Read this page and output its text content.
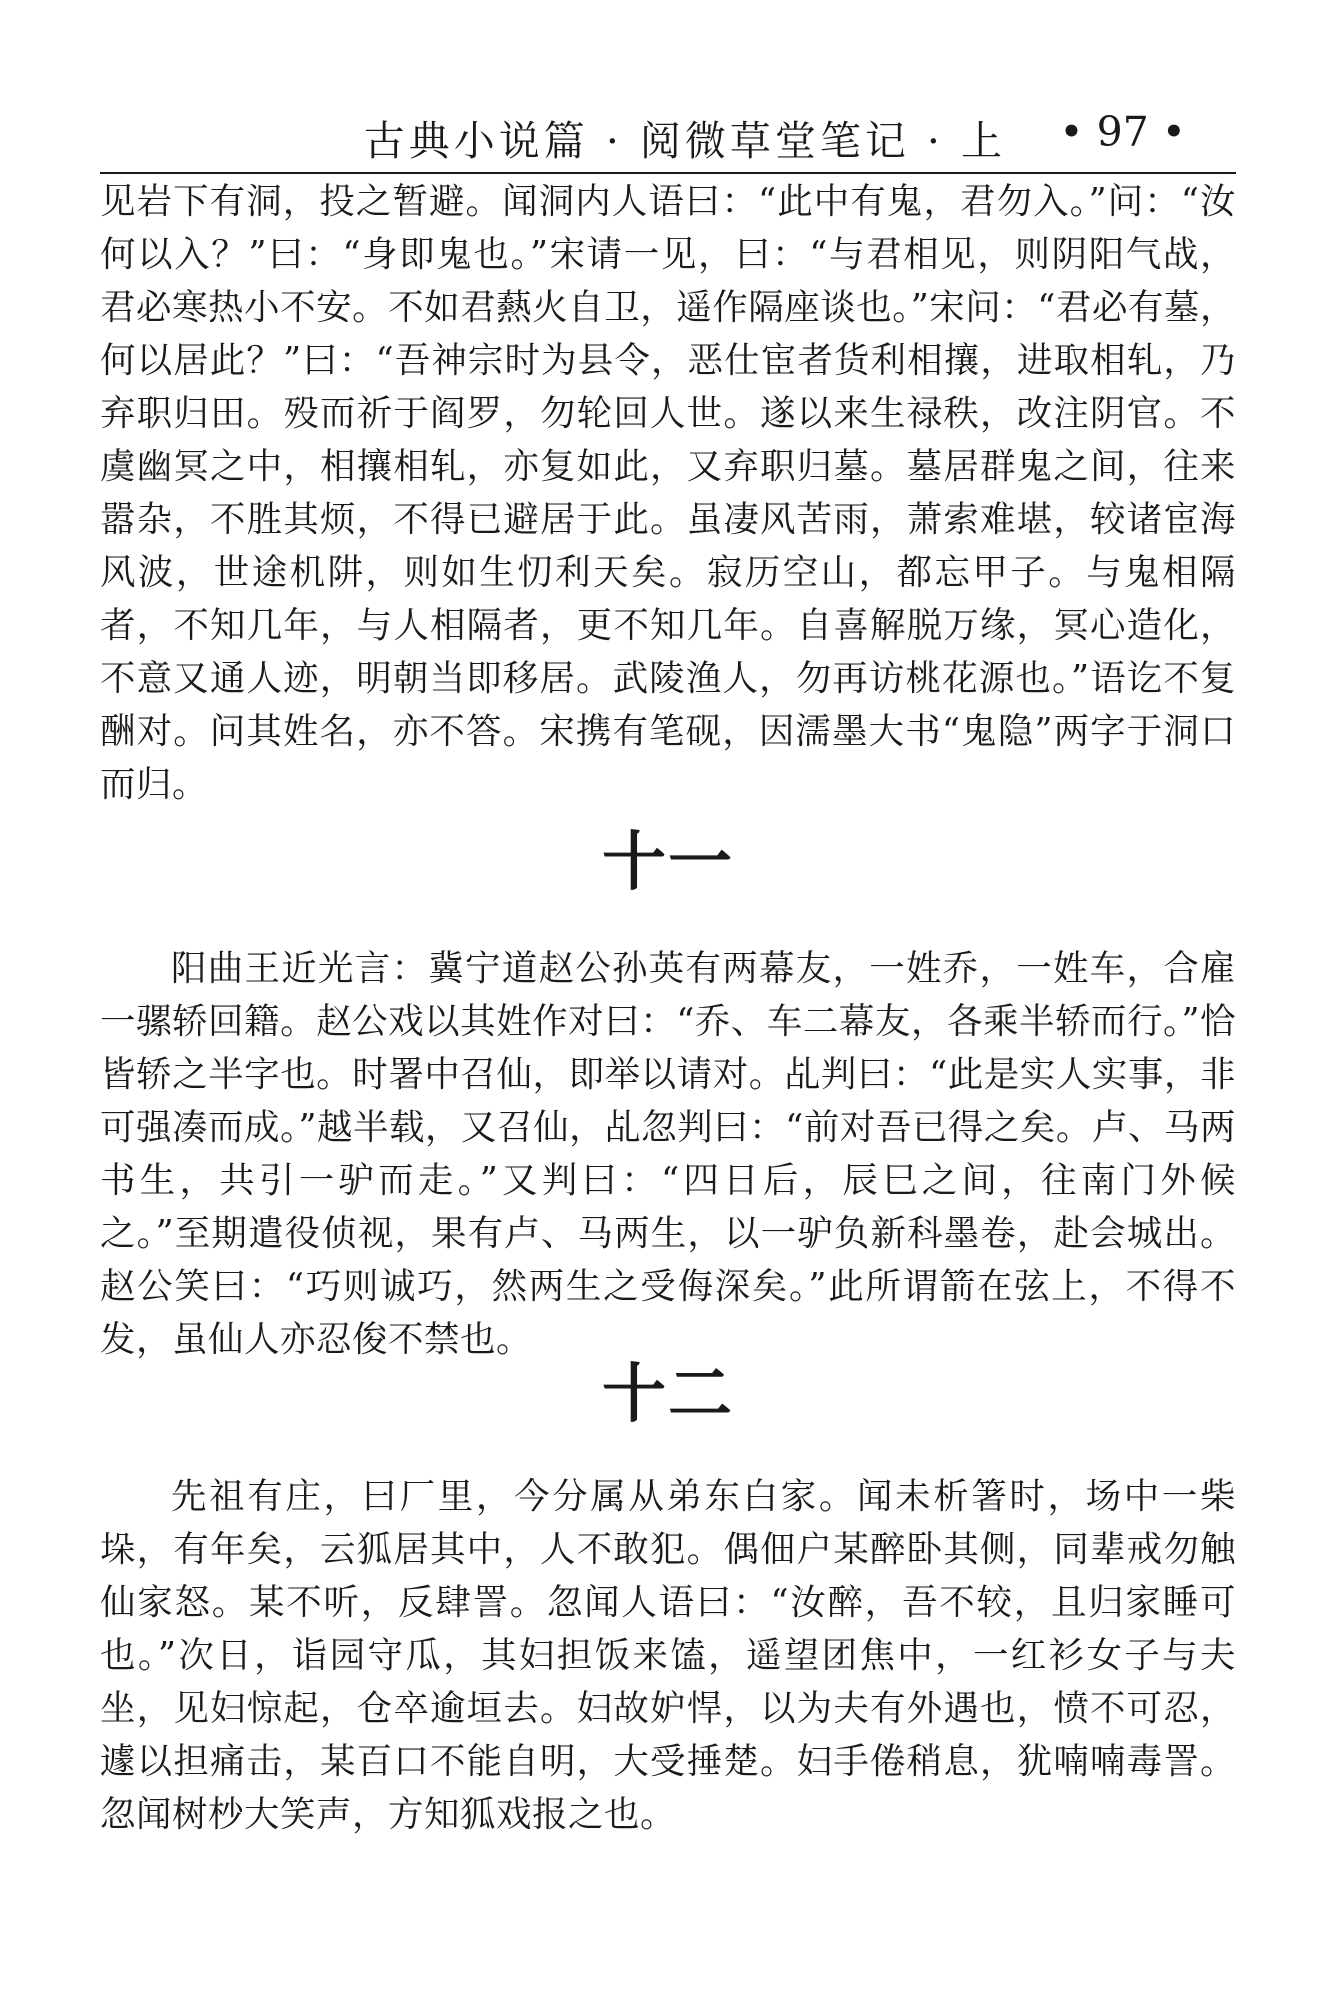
古典小说篇 · 阅微草堂笔记 · 上 • 97 •

见岩下有洞，投之暂避。闻洞内人语曰：“此中有鬼，君勿入。”问：“汝何以入？”曰：“身即鬼也。”宋请一见，曰：“与君相见，则阴阳气战，君必寒热小不安。不如君爇火自卫，遥作隔座谈也。”宋问：“君必有墓，何以居此？”曰：“吾神宗时为县令，恶仕宦者货利相攘，进取相轧，乃弃职归田。殁而祈于阎罗，勿轮回人世。遂以来生禄秩，改注阴官。不虞幽冥之中，相攘相轧，亦复如此，又弃职归墓。墓居群鬼之间，往来嚣杂，不胜其烦，不得已避居于此。虽凄风苦雨，萧索难堪，较诸宦海风波，世途机阱，则如生忉利天矣。寂历空山，都忘甲子。与鬼相隔者，不知几年，与人相隔者，更不知几年。自喜解脱万缘，冥心造化，不意又通人迹，明朝当即移居。武陵渔人，勿再访桃花源也。”语讫不复酬对。问其姓名，亦不答。宋携有笔砚，因濡墨大书“鬼隐”两字于洞口而归。

十一

阳曲王近光言：冀宁道赵公孙英有两幕友，一姓乔，一姓车，合雇一骡轿回籍。赵公戏以其姓作对曰：“乔、车二幕友，各乘半轿而行。”恰皆轿之半字也。时署中召仙，即举以请对。乩判曰：“此是实人实事，非可强凑而成。”越半载，又召仙，乩忽判曰：“前对吾已得之矣。卢、马两书生，共引一驴而走。”又判曰：“四日后，辰巳之间，往南门外候之。”至期遣役侦视，果有卢、马两生，以一驴负新科墨卷，赴会城出。赵公笑曰：“巧则诚巧，然两生之受侮深矣。”此所谓箭在弦上，不得不发，虽仙人亦忍俊不禁也。

十二

先祖有庄，曰厂里，今分属从弟东白家。闻未析箸时，场中一柴垛，有年矣，云狐居其中，人不敢犯。偶佃户某醉卧其侧，同辈戒勿触仙家怒。某不听，反肆詈。忽闻人语曰：“汝醉，吾不较，且归家睡可也。”次日，诣园守瓜，其妇担饭来馌，遥望团焦中，一红衫女子与夫坐，见妇惊起，仓卒逾垣去。妇故妒悍，以为夫有外遇也，愤不可忍，遽以担痛击，某百口不能自明，大受捶楚。妇手倦稍息，犹喃喃毒詈。忽闻树杪大笑声，方知狐戏报之也。
